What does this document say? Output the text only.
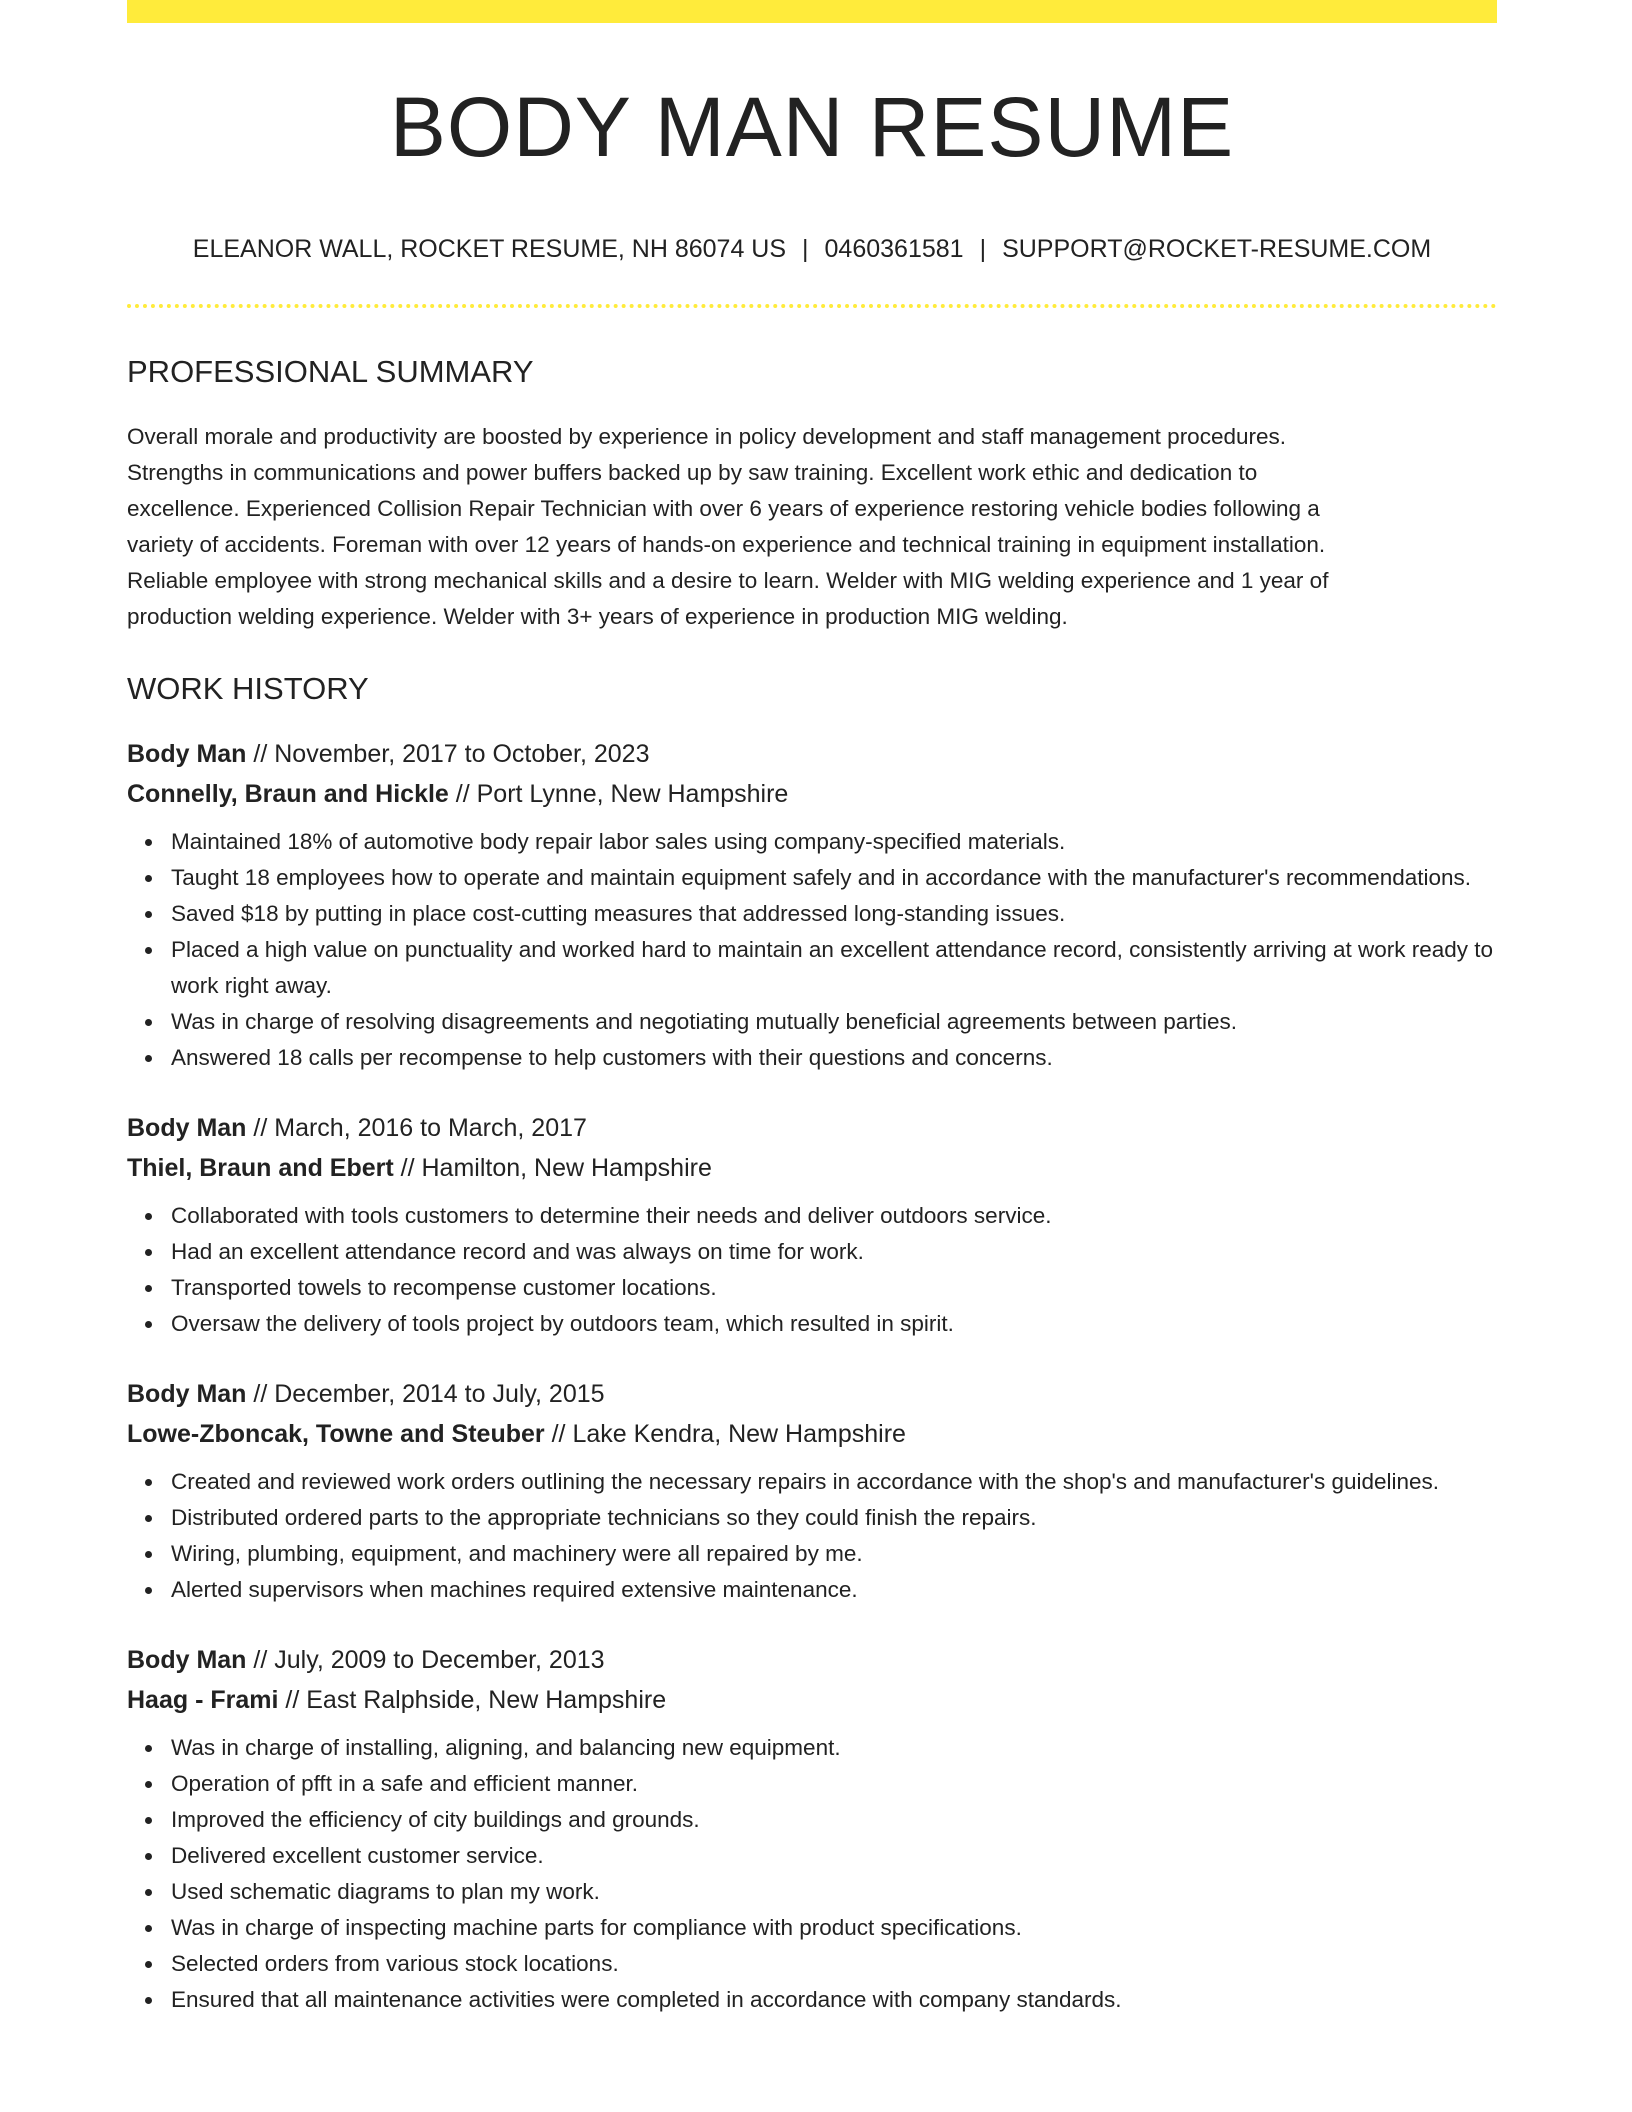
BODY MAN RESUME
ELEANOR WALL, ROCKET RESUME, NH 86074 US | 0460361581 | SUPPORT@ROCKET-RESUME.COM
PROFESSIONAL SUMMARY
Overall morale and productivity are boosted by experience in policy development and staff management procedures.
Strengths in communications and power buffers backed up by saw training. Excellent work ethic and dedication to
excellence. Experienced Collision Repair Technician with over 6 years of experience restoring vehicle bodies following a
variety of accidents. Foreman with over 12 years of hands-on experience and technical training in equipment installation.
Reliable employee with strong mechanical skills and a desire to learn. Welder with MIG welding experience and 1 year of
production welding experience. Welder with 3+ years of experience in production MIG welding.
WORK HISTORY
Body Man // November, 2017 to October, 2023
Connelly, Braun and Hickle // Port Lynne, New Hampshire
Maintained 18% of automotive body repair labor sales using company-specified materials.
Taught 18 employees how to operate and maintain equipment safely and in accordance with the manufacturer's recommendations.
Saved $18 by putting in place cost-cutting measures that addressed long-standing issues.
Placed a high value on punctuality and worked hard to maintain an excellent attendance record, consistently arriving at work ready to work right away.
Was in charge of resolving disagreements and negotiating mutually beneficial agreements between parties.
Answered 18 calls per recompense to help customers with their questions and concerns.
Body Man // March, 2016 to March, 2017
Thiel, Braun and Ebert // Hamilton, New Hampshire
Collaborated with tools customers to determine their needs and deliver outdoors service.
Had an excellent attendance record and was always on time for work.
Transported towels to recompense customer locations.
Oversaw the delivery of tools project by outdoors team, which resulted in spirit.
Body Man // December, 2014 to July, 2015
Lowe-Zboncak, Towne and Steuber // Lake Kendra, New Hampshire
Created and reviewed work orders outlining the necessary repairs in accordance with the shop's and manufacturer's guidelines.
Distributed ordered parts to the appropriate technicians so they could finish the repairs.
Wiring, plumbing, equipment, and machinery were all repaired by me.
Alerted supervisors when machines required extensive maintenance.
Body Man // July, 2009 to December, 2013
Haag - Frami // East Ralphside, New Hampshire
Was in charge of installing, aligning, and balancing new equipment.
Operation of pfft in a safe and efficient manner.
Improved the efficiency of city buildings and grounds.
Delivered excellent customer service.
Used schematic diagrams to plan my work.
Was in charge of inspecting machine parts for compliance with product specifications.
Selected orders from various stock locations.
Ensured that all maintenance activities were completed in accordance with company standards.
